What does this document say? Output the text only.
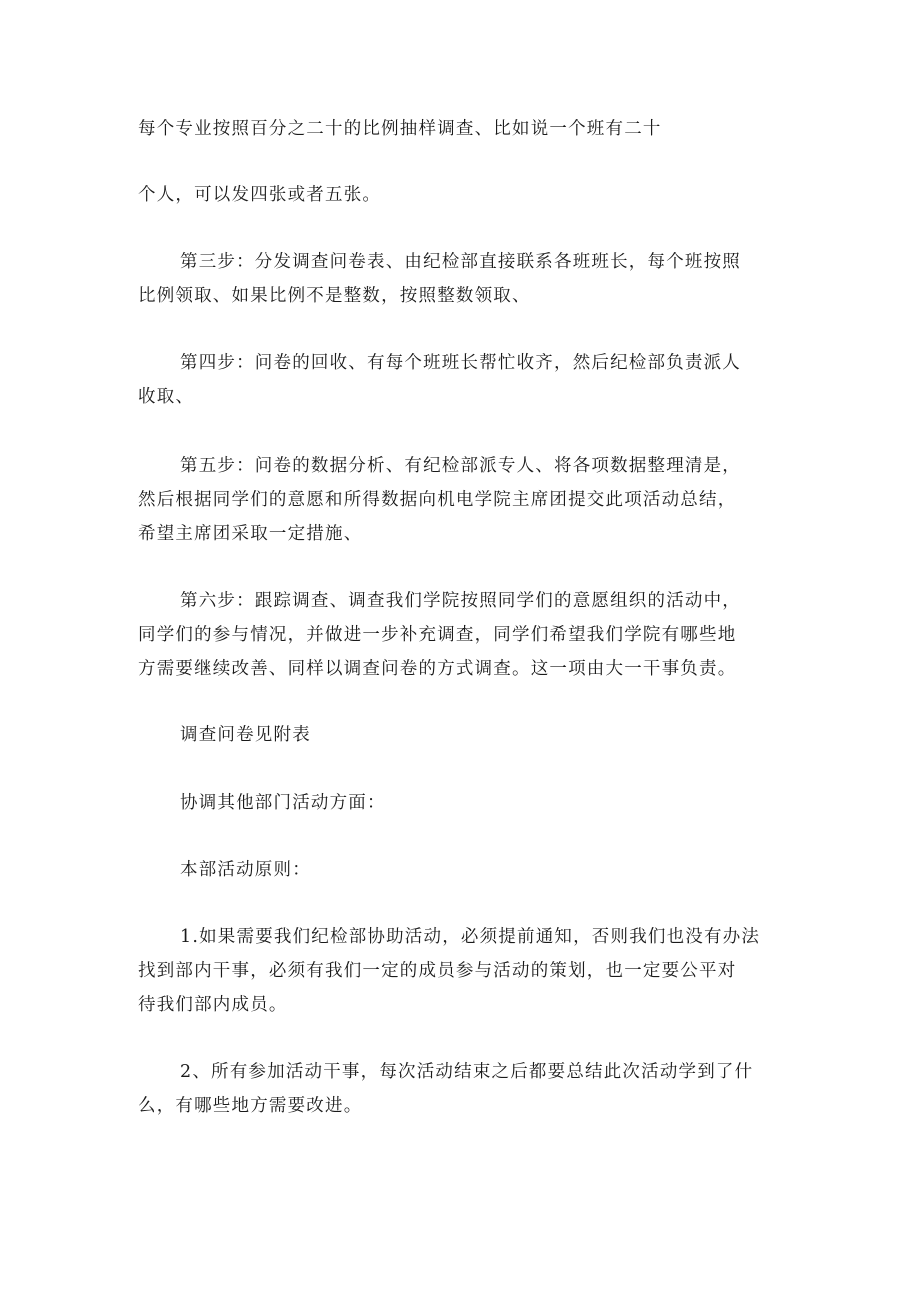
每个专业按照百分之二十的比例抽样调查、比如说一个班有二十

个人，可以发四张或者五张。

第三步：分发调查问卷表、由纪检部直接联系各班班长，每个班按照
比例领取、如果比例不是整数，按照整数领取、

第四步：问卷的回收、有每个班班长帮忙收齐，然后纪检部负责派人
收取、

第五步：问卷的数据分析、有纪检部派专人、将各项数据整理清是，
然后根据同学们的意愿和所得数据向机电学院主席团提交此项活动总结，
希望主席团采取一定措施、

第六步：跟踪调查、调查我们学院按照同学们的意愿组织的活动中，
同学们的参与情况，并做进一步补充调查，同学们希望我们学院有哪些地
方需要继续改善、同样以调查问卷的方式调查。这一项由大一干事负责。

调查问卷见附表

协调其他部门活动方面：

本部活动原则：

1.如果需要我们纪检部协助活动，必须提前通知，否则我们也没有办法
找到部内干事，必须有我们一定的成员参与活动的策划，也一定要公平对
待我们部内成员。

2、所有参加活动干事，每次活动结束之后都要总结此次活动学到了什
么，有哪些地方需要改进。
